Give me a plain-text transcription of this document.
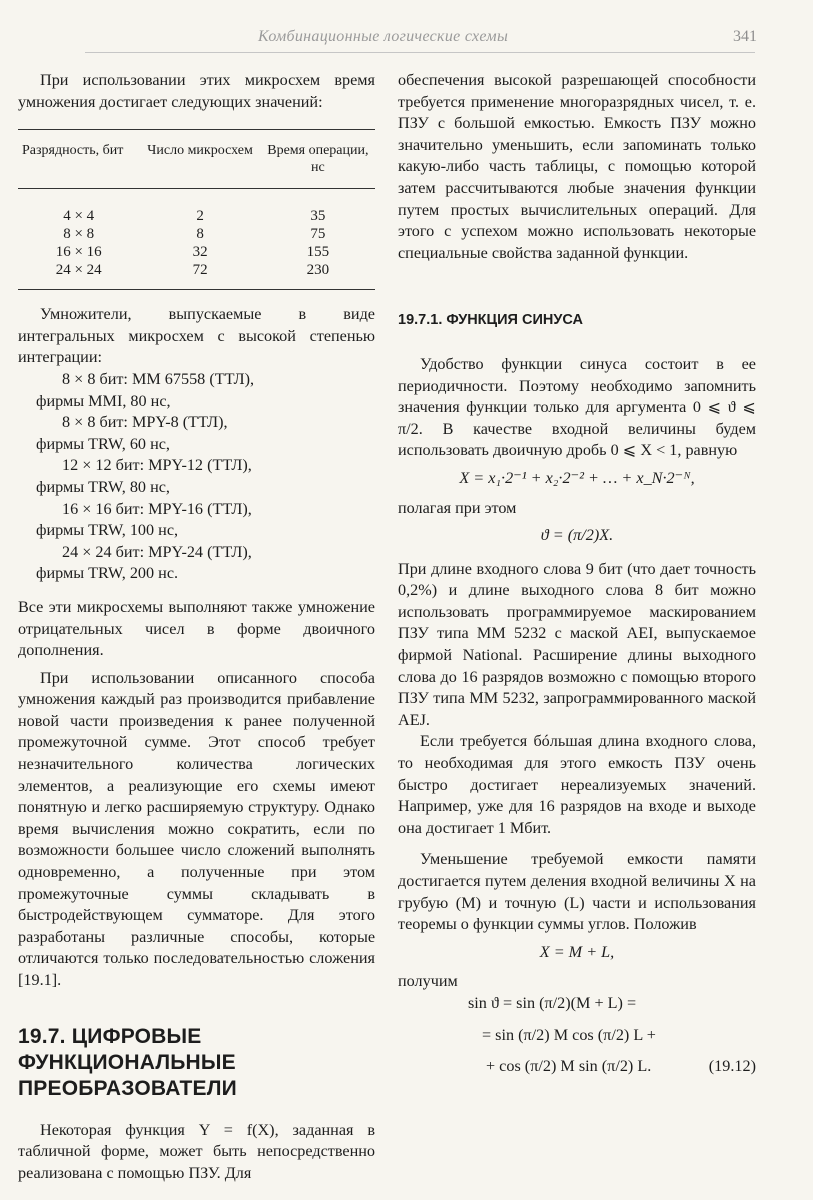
Комбинационные логические схемы	341

При использовании этих микросхем время умножения достигает следующих значений:

Разрядность, бит	Число микросхем	Время операции, нс
4 × 4	2	35
8 × 8	8	75
16 × 16	32	155
24 × 24	72	230

Умножители, выпускаемые в виде интегральных микросхем с высокой степенью интеграции:

8 × 8 бит: MM 67558 (ТТЛ),
фирмы MMI, 80 нс,
8 × 8 бит: MPY-8 (ТТЛ),
фирмы TRW, 60 нс,
12 × 12 бит: MPY-12 (ТТЛ),
фирмы TRW, 80 нс,
16 × 16 бит: MPY-16 (ТТЛ),
фирмы TRW, 100 нс,
24 × 24 бит: MPY-24 (ТТЛ),
фирмы TRW, 200 нс.

Все эти микросхемы выполняют также умножение отрицательных чисел в форме двоичного дополнения.

При использовании описанного способа умножения каждый раз производится прибавление новой части произведения к ранее полученной промежуточной сумме. Этот способ требует незначительного количества логических элементов, а реализующие его схемы имеют понятную и легко расширяемую структуру. Однако время вычисления можно сократить, если по возможности большее число сложений выполнять одновременно, а полученные при этом промежуточные суммы складывать в быстродействующем сумматоре. Для этого разработаны различные способы, которые отличаются только последовательностью сложения [19.1].

19.7. ЦИФРОВЫЕ ФУНКЦИОНАЛЬНЫЕ ПРЕОБРАЗОВАТЕЛИ

Некоторая функция Y = f(X), заданная в табличной форме, может быть непосредственно реализована с помощью ПЗУ. Для

обеспечения высокой разрешающей способности требуется применение многоразрядных чисел, т. е. ПЗУ с большой емкостью. Емкость ПЗУ можно значительно уменьшить, если запоминать только какую-либо часть таблицы, с помощью которой затем рассчитываются любые значения функции путем простых вычислительных операций. Для этого с успехом можно использовать некоторые специальные свойства заданной функции.

19.7.1. ФУНКЦИЯ СИНУСА

Удобство функции синуса состоит в ее периодичности. Поэтому необходимо запомнить значения функции только для аргумента 0 ⩽ ϑ ⩽ π/2. В качестве входной величины будем использовать двоичную дробь 0 ⩽ X < 1, равную

X = x₁·2⁻¹ + x₂·2⁻² + … + x_N·2⁻ᴺ,

полагая при этом

ϑ = (π/2)X.

При длине входного слова 9 бит (что дает точность 0,2%) и длине выходного слова 8 бит можно использовать программируемое маскированием ПЗУ типа MM 5232 с маской AEI, выпускаемое фирмой National. Расширение длины выходного слова до 16 разрядов возможно с помощью второго ПЗУ типа MM 5232, запрограммированного маской AEJ.

Если требуется бóльшая длина входного слова, то необходимая для этого емкость ПЗУ очень быстро достигает нереализуемых значений. Например, уже для 16 разрядов на входе и выходе она достигает 1 Мбит.

Уменьшение требуемой емкости памяти достигается путем деления входной величины X на грубую (M) и точную (L) части и использования теоремы о функции суммы углов. Положив

X = M + L,

получим

sin ϑ = sin (π/2)(M + L) =
= sin (π/2) M cos (π/2) L +
+ cos (π/2) M sin (π/2) L.	(19.12)
